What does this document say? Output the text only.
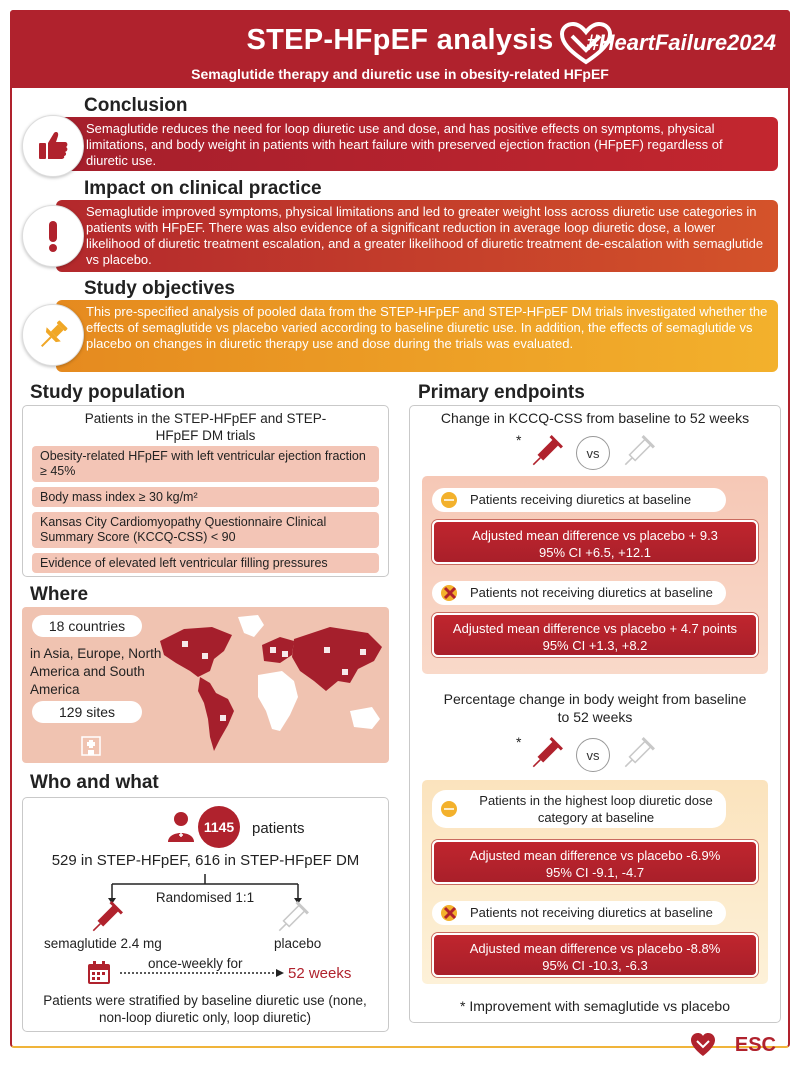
STEP-HFpEF analysis	#HeartFailure2024
Semaglutide therapy and diuretic use in obesity-related HFpEF
Conclusion
Semaglutide reduces the need for loop diuretic use and dose, and has positive effects on symptoms, physical limitations, and body weight in patients with heart failure with preserved ejection fraction (HFpEF) regardless of diuretic use.
Impact on clinical practice
Semaglutide improved symptoms, physical limitations and led to greater weight loss across diuretic use categories in patients with HFpEF. There was also evidence of a significant reduction in average loop diuretic dose, a lower likelihood of diuretic treatment escalation, and a greater likelihood of diuretic treatment de-escalation with semaglutide vs placebo.
Study objectives
This pre-specified analysis of pooled data from the STEP-HFpEF and STEP-HFpEF DM trials investigated whether the effects of semaglutide vs placebo varied according to baseline diuretic use. In addition, the effects of semaglutide vs placebo on changes in diuretic therapy use and dose during the trials was evaluated.
Study population
Patients in the STEP-HFpEF and STEP-HFpEF DM trials
Obesity-related HFpEF with left ventricular ejection fraction ≥ 45%
Body mass index ≥ 30 kg/m²
Kansas City Cardiomyopathy Questionnaire Clinical Summary Score (KCCQ-CSS) < 90
Evidence of elevated left ventricular filling pressures
Where
18 countries
in Asia, Europe, North America and South America
129 sites
Who and what
1145	patients
529 in STEP-HFpEF, 616 in STEP-HFpEF DM
Randomised 1:1
semaglutide 2.4 mg	placebo
once-weekly for
52 weeks
Patients were stratified by baseline diuretic use (none, non-loop diuretic only, loop diuretic)
Primary endpoints
Change in KCCQ-CSS from baseline to 52 weeks
*
vs
Patients receiving diuretics at baseline
Adjusted mean difference vs placebo + 9.3
95% CI +6.5, +12.1
Patients not receiving diuretics at baseline
Adjusted mean difference vs placebo + 4.7 points
95% CI +1.3, +8.2
Percentage change in body weight from baseline to 52 weeks
*
vs
Patients in the highest loop diuretic dose category at baseline
Adjusted mean difference vs placebo -6.9%
95% CI -9.1, -4.7
Patients not receiving diuretics at baseline
Adjusted mean difference vs placebo -8.8%
95% CI -10.3, -6.3
* Improvement with semaglutide vs placebo
ESC
